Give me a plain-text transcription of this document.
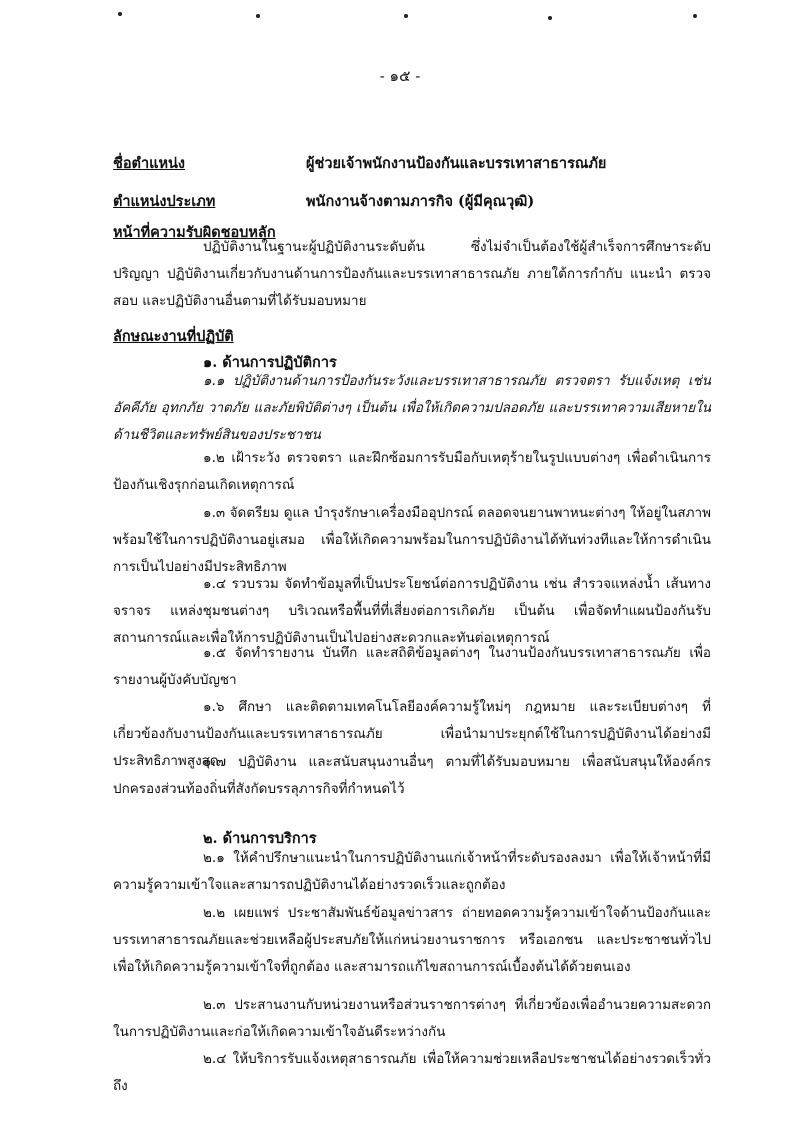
- ๑๕ -
ชื่อตำแหน่ง	ผู้ช่วยเจ้าพนักงานป้องกันและบรรเทาสาธารณภัย
ตำแหน่งประเภท	พนักงานจ้างตามภารกิจ (ผู้มีคุณวุฒิ)
หน้าที่ความรับผิดชอบหลัก
ปฏิบัติงานในฐานะผู้ปฏิบัติงานระดับต้น ซึ่งไม่จำเป็นต้องใช้ผู้สำเร็จการศึกษาระดับปริญญา ปฏิบัติงานเกี่ยวกับงานด้านการป้องกันและบรรเทาสาธารณภัย ภายใต้การกำกับ แนะนำ ตรวจสอบ และปฏิบัติงานอื่นตามที่ได้รับมอบหมาย
ลักษณะงานที่ปฏิบัติ
๑. ด้านการปฏิบัติการ
๑.๑ ปฏิบัติงานด้านการป้องกันระวังและบรรเทาสาธารณภัย ตรวจตรา รับแจ้งเหตุ เช่น อัคคีภัย อุทกภัย วาตภัย และภัยพิบัติต่างๆ เป็นต้น เพื่อให้เกิดความปลอดภัย และบรรเทาความเสียหายในด้านชีวิตและทรัพย์สินของประชาชน
๑.๒ เฝ้าระวัง ตรวจตรา และฝึกซ้อมการรับมือกับเหตุร้ายในรูปแบบต่างๆ เพื่อดำเนินการป้องกันเชิงรุกก่อนเกิดเหตุการณ์
๑.๓ จัดตรียม ดูแล บำรุงรักษาเครื่องมืออุปกรณ์ ตลอดจนยานพาหนะต่างๆ ให้อยู่ในสภาพพร้อมใช้ในการปฏิบัติงานอยู่เสมอ เพื่อให้เกิดความพร้อมในการปฏิบัติงานได้ทันท่วงทีและให้การดำเนินการเป็นไปอย่างมีประสิทธิภาพ
๑.๔ รวบรวม จัดทำข้อมูลที่เป็นประโยชน์ต่อการปฏิบัติงาน เช่น สำรวจแหล่งน้ำ เส้นทางจราจร แหล่งชุมชนต่างๆ บริเวณหรือพื้นที่ที่เสี่ยงต่อการเกิดภัย เป็นต้น เพื่อจัดทำแผนป้องกันรับสถานการณ์และเพื่อให้การปฏิบัติงานเป็นไปอย่างสะดวกและทันต่อเหตุการณ์
๑.๕ จัดทำรายงาน บันทึก และสถิติข้อมูลต่างๆ ในงานป้องกันบรรเทาสาธารณภัย เพื่อรายงานผู้บังคับบัญชา
๑.๖ ศึกษา และติดตามเทคโนโลยีองค์ความรู้ใหม่ๆ กฎหมาย และระเบียบต่างๆ ที่เกี่ยวข้องกับงานป้องกันและบรรเทาสาธารณภัย เพื่อนำมาประยุกต์ใช้ในการปฏิบัติงานได้อย่างมีประสิทธิภาพสูงสุด
๑.๗ ปฏิบัติงาน และสนับสนุนงานอื่นๆ ตามที่ได้รับมอบหมาย เพื่อสนับสนุนให้องค์กรปกครองส่วนท้องถิ่นที่สังกัดบรรลุภารกิจที่กำหนดไว้
๒. ด้านการบริการ
๒.๑ ให้คำปรึกษาแนะนำในการปฏิบัติงานแก่เจ้าหน้าที่ระดับรองลงมา เพื่อให้เจ้าหน้าที่มีความรู้ความเข้าใจและสามารถปฏิบัติงานได้อย่างรวดเร็วและถูกต้อง
๒.๒ เผยแพร่ ประชาสัมพันธ์ข้อมูลข่าวสาร ถ่ายทอดความรู้ความเข้าใจด้านป้องกันและบรรเทาสาธารณภัยและช่วยเหลือผู้ประสบภัยให้แก่หน่วยงานราชการ หรือเอกชน และประชาชนทั่วไป เพื่อให้เกิดความรู้ความเข้าใจที่ถูกต้อง และสามารถแก้ไขสถานการณ์เบื้องต้นได้ด้วยตนเอง
๒.๓ ประสานงานกับหน่วยงานหรือส่วนราชการต่างๆ ที่เกี่ยวข้องเพื่ออำนวยความสะดวกในการปฏิบัติงานและก่อให้เกิดความเข้าใจอันดีระหว่างกัน
๒.๔ ให้บริการรับแจ้งเหตุสาธารณภัย เพื่อให้ความช่วยเหลือประชาชนได้อย่างรวดเร็วทั่วถึง
